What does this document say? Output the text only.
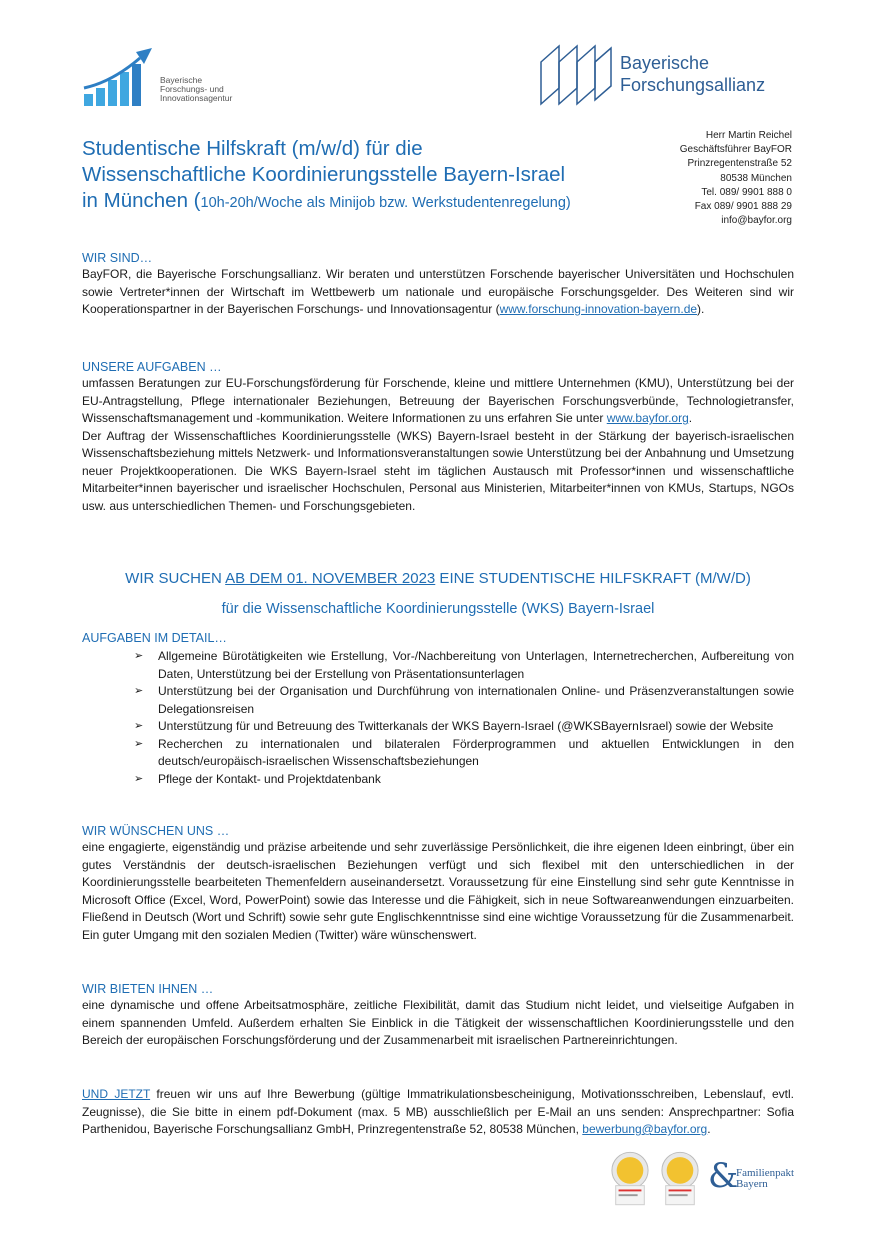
Bayerische
Forschungs- und
Innovationsagentur
Bayerische
Forschungsallianz
Studentische Hilfskraft (m/w/d) für die
Wissenschaftliche Koordinierungsstelle Bayern-Israel
in München (10h-20h/Woche als Minijob bzw. Werkstudentenregelung)
Herr Martin Reichel
Geschäftsführer BayFOR
Prinzregentenstraße 52
80538 München
Tel. 089/ 9901 888 0
Fax 089/ 9901 888 29
info@bayfor.org
WIR SIND…

BayFOR, die Bayerische Forschungsallianz. Wir beraten und unterstützen Forschende bayerischer Universitäten und Hochschulen sowie Vertreter*innen der Wirtschaft im Wettbewerb um nationale und europäische Forschungsgelder. Des Weiteren sind wir Kooperationspartner in der Bayerischen Forschungs- und Innovationsagentur (www.forschung-innovation-bayern.de).

UNSERE AUFGABEN …

umfassen Beratungen zur EU-Forschungsförderung für Forschende, kleine und mittlere Unternehmen (KMU), Unterstützung bei der EU-Antragstellung, Pflege internationaler Beziehungen, Betreuung der Bayerischen Forschungsverbünde, Technologietransfer, Wissenschaftsmanagement und -kommunikation. Weitere Informationen zu uns erfahren Sie unter www.bayfor.org.

Der Auftrag der Wissenschaftliches Koordinierungsstelle (WKS) Bayern-Israel besteht in der Stärkung der bayerisch-israelischen Wissenschaftsbeziehung mittels Netzwerk- und Informationsveranstaltungen sowie Unterstützung bei der Anbahnung und Umsetzung neuer Projektkooperationen. Die WKS Bayern-Israel steht im täglichen Austausch mit Professor*innen und wissenschaftliche Mitarbeiter*innen bayerischer und israelischer Hochschulen, Personal aus Ministerien, Mitarbeiter*innen von KMUs, Startups, NGOs usw. aus unterschiedlichen Themen- und Forschungsgebieten.

WIR SUCHEN AB DEM 01. NOVEMBER 2023 EINE STUDENTISCHE HILFSKRAFT (M/W/D)
für die Wissenschaftliche Koordinierungsstelle (WKS) Bayern-Israel
AUFGABEN IM DETAIL…
➢ Allgemeine Bürotätigkeiten wie Erstellung, Vor-/Nachbereitung von Unterlagen, Internetrecherchen, Aufbereitung von Daten, Unterstützung bei der Erstellung von Präsentationsunterlagen
➢ Unterstützung bei der Organisation und Durchführung von internationalen Online- und Präsenzveranstaltungen sowie Delegationsreisen
➢ Unterstützung für und Betreuung des Twitterkanals der WKS Bayern-Israel (@WKSBayernIsrael) sowie der Website
➢ Recherchen zu internationalen und bilateralen Förderprogrammen und aktuellen Entwicklungen in den deutsch/europäisch-israelischen Wissenschaftsbeziehungen
➢ Pflege der Kontakt- und Projektdatenbank
WIR WÜNSCHEN UNS …

eine engagierte, eigenständig und präzise arbeitende und sehr zuverlässige Persönlichkeit, die ihre eigenen Ideen einbringt, über ein gutes Verständnis der deutsch-israelischen Beziehungen verfügt und sich flexibel mit den unterschiedlichen in der Koordinierungsstelle bearbeiteten Themenfeldern auseinandersetzt. Voraussetzung für eine Einstellung sind sehr gute Kenntnisse in Microsoft Office (Excel, Word, PowerPoint) sowie das Interesse und die Fähigkeit, sich in neue Softwareanwendungen einzuarbeiten. Fließend in Deutsch (Wort und Schrift) sowie sehr gute Englischkenntnisse sind eine wichtige Voraussetzung für die Zusammenarbeit. Ein guter Umgang mit den sozialen Medien (Twitter) wäre wünschenswert.

WIR BIETEN IHNEN …

eine dynamische und offene Arbeitsatmosphäre, zeitliche Flexibilität, damit das Studium nicht leidet, und vielseitige Aufgaben in einem spannenden Umfeld. Außerdem erhalten Sie Einblick in die Tätigkeit der wissenschaftlichen Koordinierungsstelle und den Bereich der europäischen Forschungsförderung und der Zusammenarbeit mit israelischen Partnereinrichtungen.

UND JETZT freuen wir uns auf Ihre Bewerbung (gültige Immatrikulationsbescheinigung, Motivationsschreiben, Lebenslauf, evtl. Zeugnisse), die Sie bitte in einem pdf-Dokument (max. 5 MB) ausschließlich per E-Mail an uns senden: Ansprechpartner: Sofia Parthenidou, Bayerische Forschungsallianz GmbH, Prinzregentenstraße 52, 80538 München, bewerbung@bayfor.org.

&
Familienpakt
Bayern
